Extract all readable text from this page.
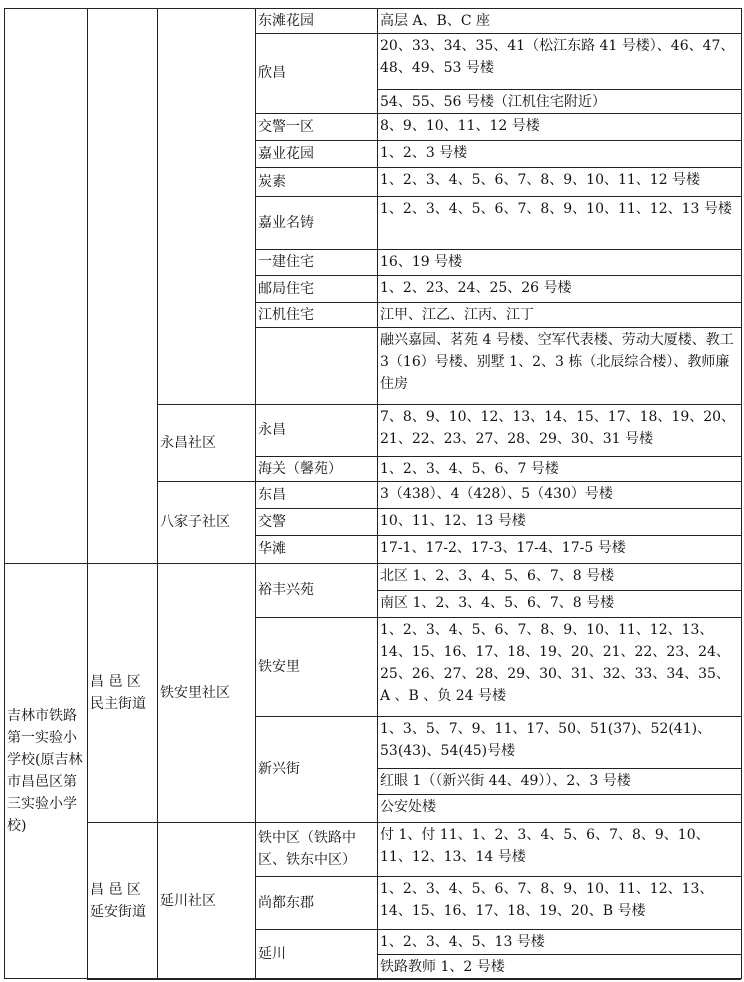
高层 A、B、C 座
东滩花园
20、33、34、35、41（松江东路 41 号楼）、46、47、48、49、53 号楼
54、55、56 号楼（江机住宅附近）
欣昌
8、9、10、11、12 号楼
交警一区
1、2、3 号楼
嘉业花园
1、2、3、4、5、6、7、8、9、10、11、12 号楼
炭素
1、2、3、4、5、6、7、8、9、10、11、12、13 号楼
嘉业名铸
16、19 号楼
一建住宅
1、2、23、24、25、26 号楼
邮局住宅
江甲、江乙、江丙、江丁
江机住宅
融兴嘉园、茗苑 4 号楼、空军代表楼、劳动大厦楼、教工 3（16）号楼、别墅 1、2、3 栋（北辰综合楼）、教师廉住房
7、8、9、10、12、13、14、15、17、18、19、20、21、22、23、27、28、29、30、31 号楼
永昌
1、2、3、4、5、6、7 号楼
海关（馨苑）
永昌社区
3（438）、4（428）、5（430）号楼
东昌
10、11、12、13 号楼
交警
17-1、17-2、17-3、17-4、17-5 号楼
华滩
八家子社区
北区 1、2、3、4、5、6、7、8 号楼
南区 1、2、3、4、5、6、7、8 号楼
裕丰兴苑
1、2、3、4、5、6、7、8、9、10、11、12、13、14、15、16、17、18、19、20、21、22、23、24、25、26、27、28、29、30、31、32、33、34、35、A 、B 、负 24 号楼
铁安里
1、3、5、7、9、11、17、50、51(37)、52(41)、53(43)、54(45)号楼
红眼 1（（新兴街 44、49））、2、3 号楼
公安处楼
新兴街
昌 邑 区民主街道
铁安里社区
付 1、付 11、1、2、3、4、5、6、7、8、9、10、11、12、13、14 号楼
铁中区（铁路中区、铁东中区）
1、2、3、4、5、6、7、8、9、10、11、12、13、14、15、16、17、18、19、20、B 号楼
尚都东郡
1、2、3、4、5、13 号楼
铁路教师 1、2 号楼
延川
昌 邑 区延安街道
延川社区
吉林市铁路第一实验小学校(原吉林市昌邑区第三实验小学校)
